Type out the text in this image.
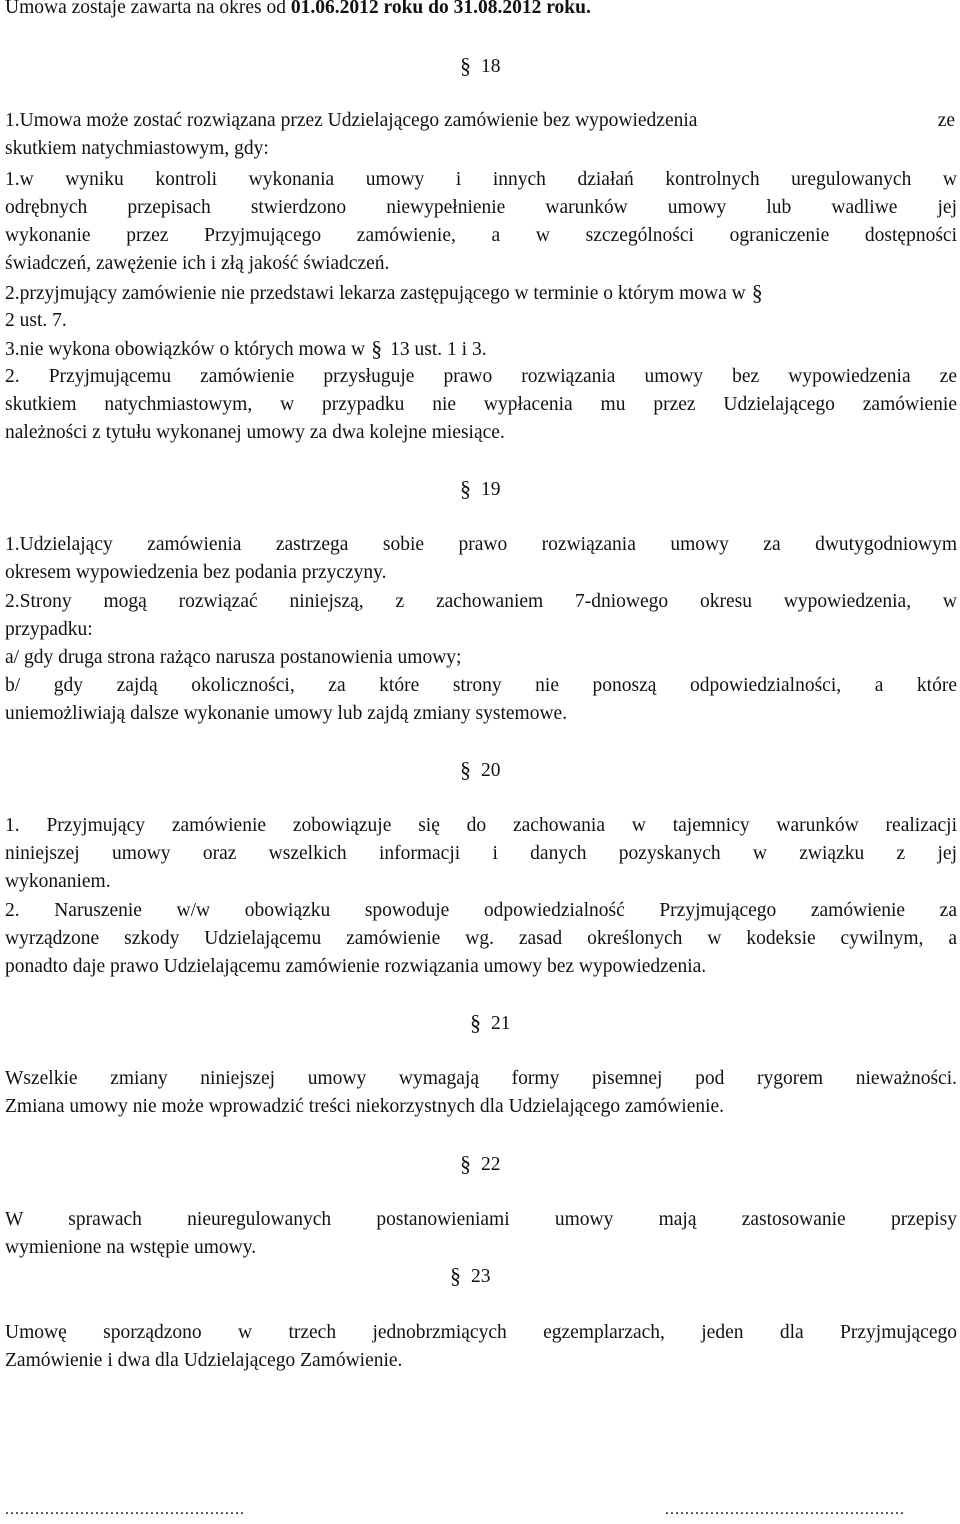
Umowa zostaje zawarta na okres od 01.06.2012 roku do 31.08.2012 roku.
§ 18
1.Umowa może zostać rozwiązana przez Udzielającego zamówienie bez wypowiedzenia	ze
skutkiem natychmiastowym, gdy:
1.w wyniku kontroli wykonania umowy i innych działań kontrolnych uregulowanych w
odrębnych przepisach stwierdzono niewypełnienie warunków umowy lub wadliwe jej
wykonanie przez Przyjmującego zamówienie, a w szczególności ograniczenie dostępności
świadczeń, zawężenie ich i złą jakość świadczeń.
2.przyjmujący zamówienie nie przedstawi lekarza zastępującego w terminie o którym mowa w §
2 ust. 7.
3.nie wykona obowiązków o których mowa w § 13 ust. 1 i 3.
2. Przyjmującemu zamówienie przysługuje prawo rozwiązania umowy bez wypowiedzenia ze
skutkiem natychmiastowym, w przypadku nie wypłacenia mu przez Udzielającego zamówienie
należności z tytułu wykonanej umowy za dwa kolejne miesiące.
§ 19
1.Udzielający zamówienia zastrzega sobie prawo rozwiązania umowy za dwutygodniowym
okresem wypowiedzenia bez podania przyczyny.
2.Strony mogą rozwiązać niniejszą, z zachowaniem 7-dniowego okresu wypowiedzenia, w
przypadku:
a/ gdy druga strona rażąco narusza postanowienia umowy;
b/ gdy zajdą okoliczności, za które strony nie ponoszą odpowiedzialności, a które
uniemożliwiają dalsze wykonanie umowy lub zajdą zmiany systemowe.
§ 20
1. Przyjmujący zamówienie zobowiązuje się do zachowania w tajemnicy warunków realizacji
niniejszej umowy oraz wszelkich informacji i danych pozyskanych w związku z jej
wykonaniem.
2. Naruszenie w/w obowiązku spowoduje odpowiedzialność Przyjmującego zamówienie za
wyrządzone szkody Udzielającemu zamówienie wg. zasad określonych w kodeksie cywilnym, a
ponadto daje prawo Udzielającemu zamówienie rozwiązania umowy bez wypowiedzenia.
§ 21
Wszelkie zmiany niniejszej umowy wymagają formy pisemnej pod rygorem nieważności.
Zmiana umowy nie może wprowadzić treści niekorzystnych dla Udzielającego zamówienie.
§ 22
W sprawach nieuregulowanych postanowieniami umowy mają zastosowanie przepisy
wymienione na wstępie umowy.
§ 23
Umowę sporządzono w trzech jednobrzmiących egzemplarzach, jeden dla Przyjmującego
Zamówienie i dwa dla Udzielającego Zamówienie.
................................................	................................................
